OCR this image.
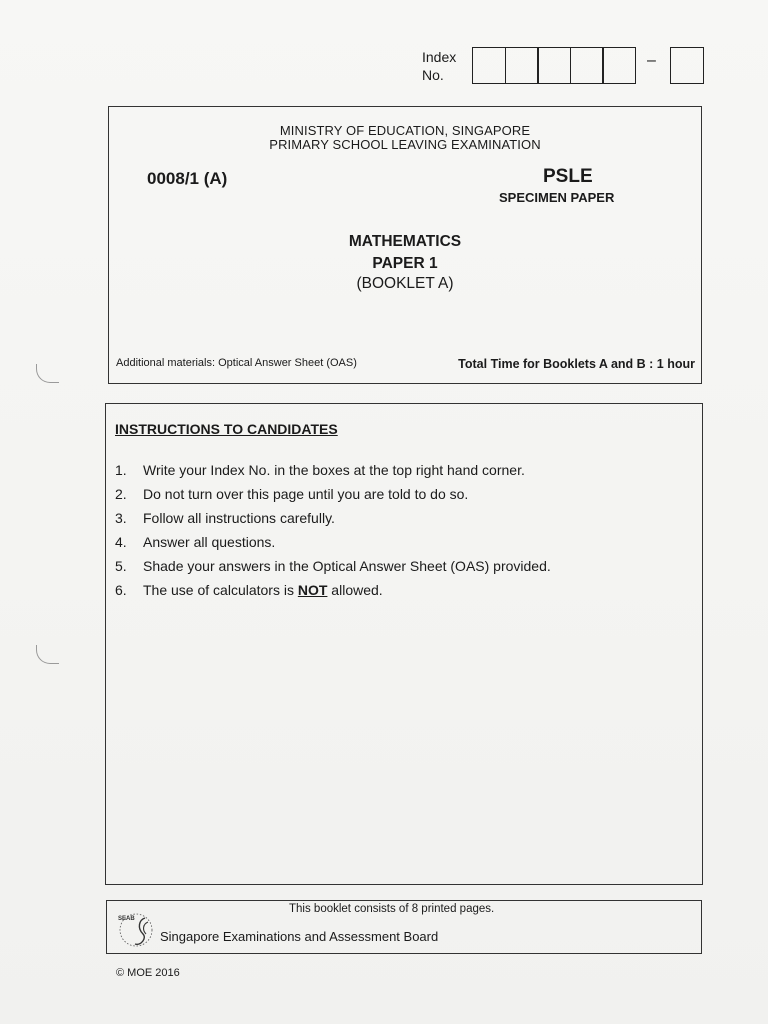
Index
No.
–
MINISTRY OF EDUCATION, SINGAPORE
PRIMARY SCHOOL LEAVING EXAMINATION
0008/1 (A)	PSLE
SPECIMEN PAPER
MATHEMATICS
PAPER 1
(BOOKLET A)
Additional materials: Optical Answer Sheet (OAS)	Total Time for Booklets A and B : 1 hour
INSTRUCTIONS TO CANDIDATES
1.	Write your Index No. in the boxes at the top right hand corner.
2.	Do not turn over this page until you are told to do so.
3.	Follow all instructions carefully.
4.	Answer all questions.
5.	Shade your answers in the Optical Answer Sheet (OAS) provided.
6.	The use of calculators is NOT allowed.
This booklet consists of 8 printed pages.
SEAB
Singapore Examinations and Assessment Board
© MOE 2016
